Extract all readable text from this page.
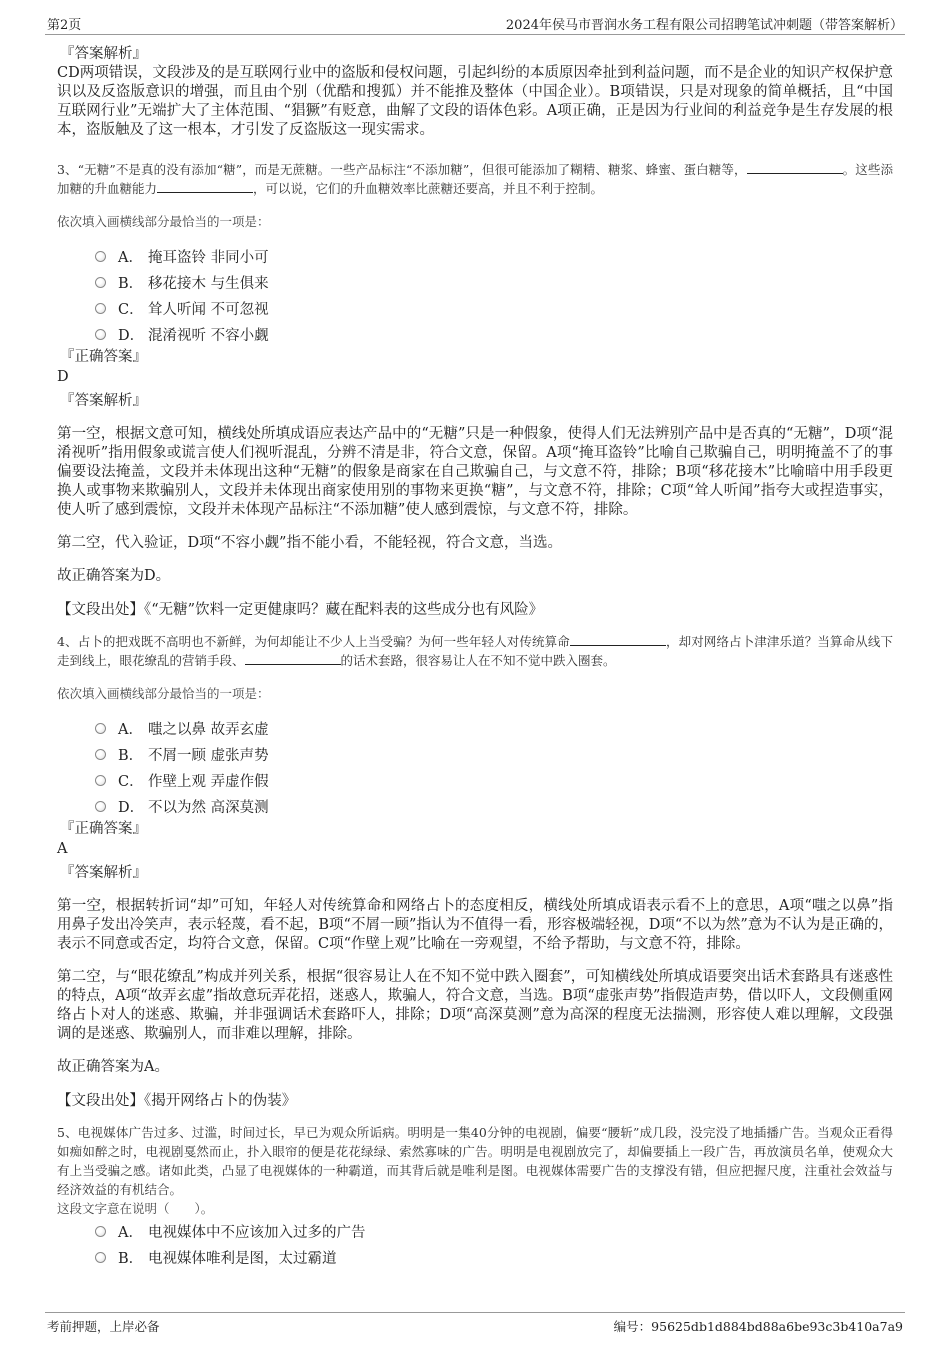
第2页	2024年侯马市晋润水务工程有限公司招聘笔试冲刺题（带答案解析）

『答案解析』

CD两项错误，文段涉及的是互联网行业中的盗版和侵权问题，引起纠纷的本质原因牵扯到利益问题，而不是企业的知识产权保护意识以及反盗版意识的增强，而且由个别（优酷和搜狐）并不能推及整体（中国企业）。B项错误，只是对现象的简单概括，且“中国互联网行业”无端扩大了主体范围、“猖獗”有贬意，曲解了文段的语体色彩。A项正确，正是因为行业间的利益竞争是生存发展的根本，盗版触及了这一根本，才引发了反盗版这一现实需求。

3、“无糖”不是真的没有添加“糖”，而是无蔗糖。一些产品标注“不添加糖”，但很可能添加了糊精、糖浆、蜂蜜、蛋白糖等，	。这些添加糖的升血糖能力	，可以说，它们的升血糖效率比蔗糖还要高，并且不利于控制。

依次填入画横线部分最恰当的一项是：

A． 掩耳盗铃 非同小可
B． 移花接木 与生俱来
C． 耸人听闻 不可忽视
D． 混淆视听 不容小觑

『正确答案』

D

『答案解析』

第一空，根据文意可知，横线处所填成语应表达产品中的“无糖”只是一种假象，使得人们无法辨别产品中是否真的“无糖”，D项“混淆视听”指用假象或谎言使人们视听混乱，分辨不清是非，符合文意，保留。A项“掩耳盗铃”比喻自己欺骗自己，明明掩盖不了的事偏要设法掩盖，文段并未体现出这种“无糖”的假象是商家在自己欺骗自己，与文意不符，排除；B项“移花接木”比喻暗中用手段更换人或事物来欺骗别人，文段并未体现出商家使用别的事物来更换“糖”，与文意不符，排除；C项“耸人听闻”指夸大或捏造事实，使人听了感到震惊，文段并未体现产品标注“不添加糖”使人感到震惊，与文意不符，排除。

第二空，代入验证，D项“不容小觑”指不能小看，不能轻视，符合文意，当选。

故正确答案为D。

【文段出处】《“无糖”饮料一定更健康吗？藏在配料表的这些成分也有风险》

4、占卜的把戏既不高明也不新鲜，为何却能让不少人上当受骗？为何一些年轻人对传统算命	，却对网络占卜津津乐道？当算命从线下走到线上，眼花缭乱的营销手段、	的话术套路，很容易让人在不知不觉中跌入圈套。

依次填入画横线部分最恰当的一项是：

A． 嗤之以鼻 故弄玄虚
B． 不屑一顾 虚张声势
C． 作壁上观 弄虚作假
D． 不以为然 高深莫测

『正确答案』

A

『答案解析』

第一空，根据转折词“却”可知，年轻人对传统算命和网络占卜的态度相反，横线处所填成语表示看不上的意思，A项“嗤之以鼻”指用鼻子发出冷笑声，表示轻蔑，看不起，B项“不屑一顾”指认为不值得一看，形容极端轻视，D项“不以为然”意为不认为是正确的，表示不同意或否定，均符合文意，保留。C项“作壁上观”比喻在一旁观望，不给予帮助，与文意不符，排除。

第二空，与“眼花缭乱”构成并列关系，根据“很容易让人在不知不觉中跌入圈套”，可知横线处所填成语要突出话术套路具有迷惑性的特点，A项“故弄玄虚”指故意玩弄花招，迷惑人，欺骗人，符合文意，当选。B项“虚张声势”指假造声势，借以吓人，文段侧重网络占卜对人的迷惑、欺骗，并非强调话术套路吓人，排除；D项“高深莫测”意为高深的程度无法揣测，形容使人难以理解，文段强调的是迷惑、欺骗别人，而非难以理解，排除。

故正确答案为A。

【文段出处】《揭开网络占卜的伪装》

5、电视媒体广告过多、过滥，时间过长，早已为观众所诟病。明明是一集40分钟的电视剧，偏要“腰斩”成几段，没完没了地插播广告。当观众正看得如痴如醉之时，电视剧戛然而止，扑入眼帘的便是花花绿绿、索然寡味的广告。明明是电视剧放完了，却偏要插上一段广告，再放演员名单，使观众大有上当受骗之感。诸如此类，凸显了电视媒体的一种霸道，而其背后就是唯利是图。电视媒体需要广告的支撑没有错，但应把握尺度，注重社会效益与经济效益的有机结合。

这段文字意在说明（　　）。

A． 电视媒体中不应该加入过多的广告
B． 电视媒体唯利是图，太过霸道
考前押题，上岸必备	编号：95625db1d884bd88a6be93c3b410a7a9
